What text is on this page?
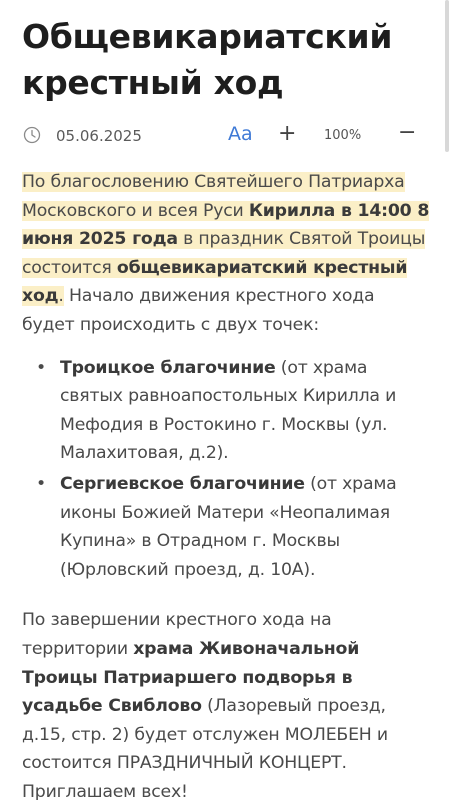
Общевикариатский крестный ход
05.06.2025	Aa + 100% −

По благословению Святейшего Патриарха Московского и всея Руси Кирилла в 14:00 8 июня 2025 года в праздник Святой Троицы состоится общевикариатский крестный ход. Начало движения крестного хода будет происходить с двух точек:

• Троицкое благочиние (от храма святых равноапостольных Кирилла и Мефодия в Ростокино г. Москвы (ул. Малахитовая, д.2).
• Сергиевское благочиние (от храма иконы Божией Матери «Неопалимая Купина» в Отрадном г. Москвы (Юрловский проезд, д. 10А).

По завершении крестного хода на территории храма Живоначальной Троицы Патриаршего подворья в усадьбе Свиблово (Лазоревый проезд, д.15, стр. 2) будет отслужен МОЛЕБЕН и состоится ПРАЗДНИЧНЫЙ КОНЦЕРТ. Приглашаем всех!
